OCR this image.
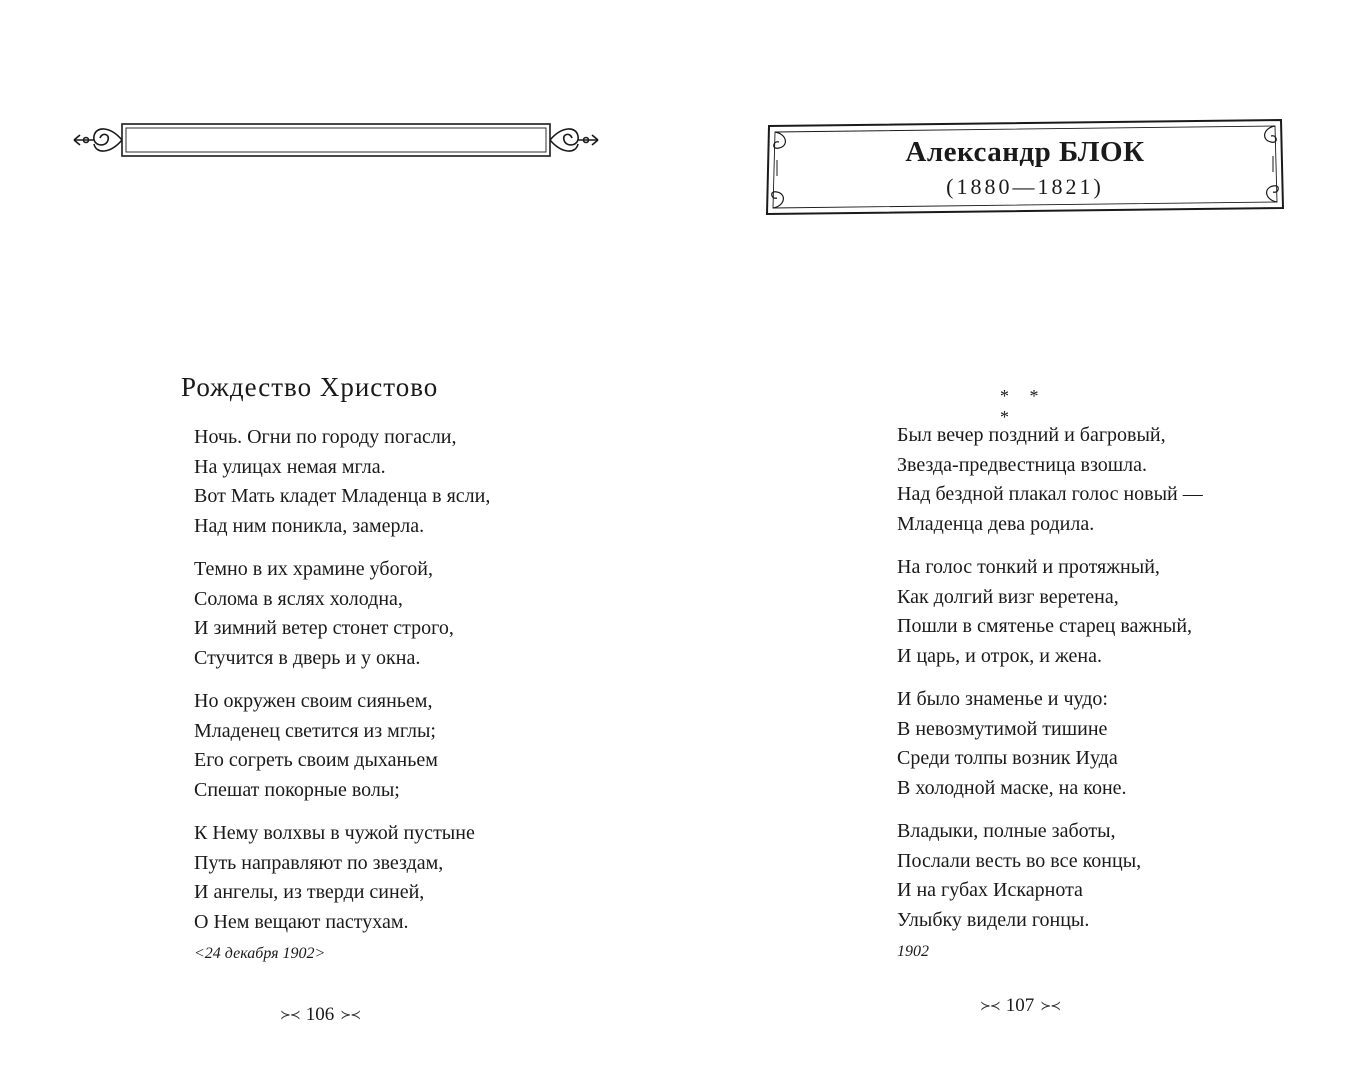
Рождество Христово
Ночь. Огни по городу погасли,
На улицах немая мгла.
Вот Мать кладет Младенца в ясли,
Над ним поникла, замерла.
Темно в их храмине убогой,
Солома в яслях холодна,
И зимний ветер стонет строго,
Стучится в дверь и у окна.
Но окружен своим сияньем,
Младенец светится из мглы;
Его согреть своим дыханьем
Спешат покорные волы;
К Нему волхвы в чужой пустыне
Путь направляют по звездам,
И ангелы, из тверди синей,
О Нем вещают пастухам.
<24 декабря 1902>
≻≺ 106 ≻≺
Александр БЛОК
(1880—1821)
* * *
Был вечер поздний и багровый,
Звезда-предвестница взошла.
Над бездной плакал голос новый —
Младенца дева родила.
На голос тонкий и протяжный,
Как долгий визг веретена,
Пошли в смятенье старец важный,
И царь, и отрок, и жена.
И было знаменье и чудо:
В невозмутимой тишине
Среди толпы возник Иуда
В холодной маске, на коне.
Владыки, полные заботы,
Послали весть во все концы,
И на губах Искарнота
Улыбку видели гонцы.
1902
≻≺ 107 ≻≺
